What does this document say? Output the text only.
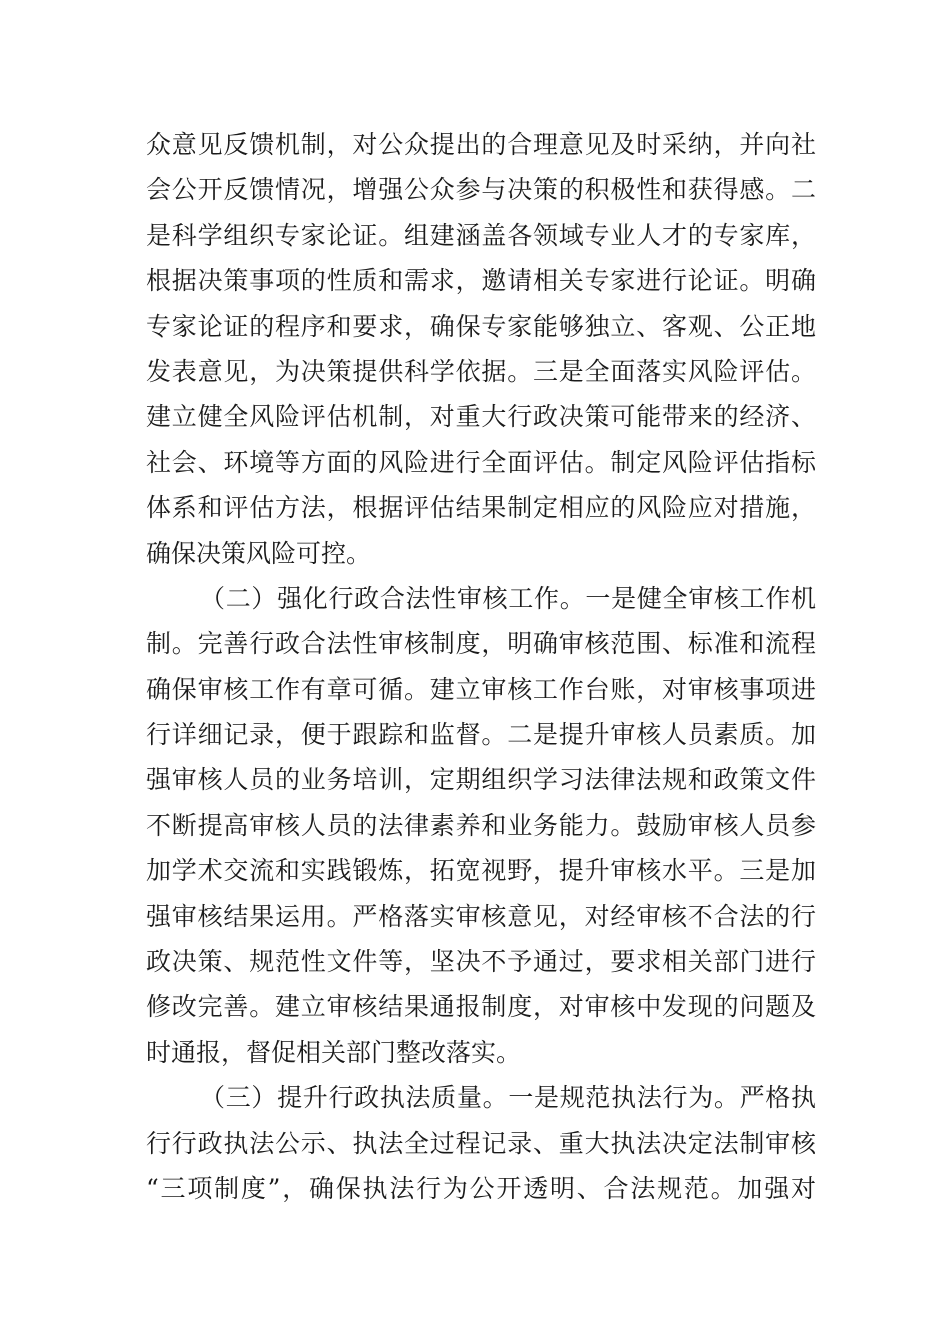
众意见反馈机制，对公众提出的合理意见及时采纳，并向社
会公开反馈情况，增强公众参与决策的积极性和获得感。二
是科学组织专家论证。组建涵盖各领域专业人才的专家库，
根据决策事项的性质和需求，邀请相关专家进行论证。明确
专家论证的程序和要求，确保专家能够独立、客观、公正地
发表意见，为决策提供科学依据。三是全面落实风险评估。
建立健全风险评估机制，对重大行政决策可能带来的经济、
社会、环境等方面的风险进行全面评估。制定风险评估指标
体系和评估方法，根据评估结果制定相应的风险应对措施，
确保决策风险可控。
（二）强化行政合法性审核工作。一是健全审核工作机
制。完善行政合法性审核制度，明确审核范围、标准和流程
确保审核工作有章可循。建立审核工作台账，对审核事项进
行详细记录，便于跟踪和监督。二是提升审核人员素质。加
强审核人员的业务培训，定期组织学习法律法规和政策文件
不断提高审核人员的法律素养和业务能力。鼓励审核人员参
加学术交流和实践锻炼，拓宽视野，提升审核水平。三是加
强审核结果运用。严格落实审核意见，对经审核不合法的行
政决策、规范性文件等，坚决不予通过，要求相关部门进行
修改完善。建立审核结果通报制度，对审核中发现的问题及
时通报，督促相关部门整改落实。
（三）提升行政执法质量。一是规范执法行为。严格执
行行政执法公示、执法全过程记录、重大执法决定法制审核
“三项制度”，确保执法行为公开透明、合法规范。加强对
